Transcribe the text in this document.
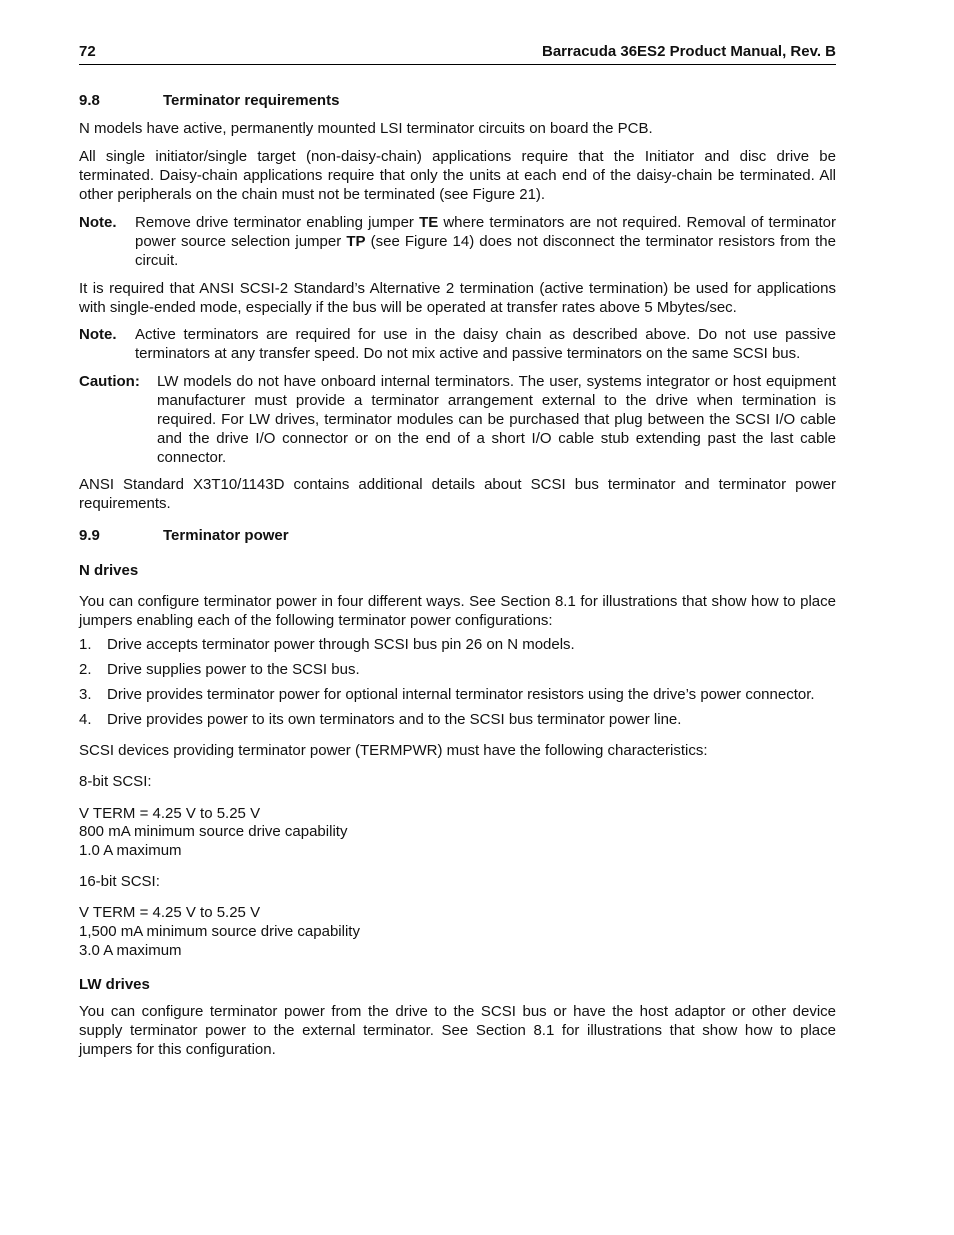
72	Barracuda 36ES2 Product Manual, Rev. B
9.8	Terminator requirements

N models have active, permanently mounted LSI terminator circuits on board the PCB.

All single initiator/single target (non-daisy-chain) applications require that the Initiator and disc drive be terminated. Daisy-chain applications require that only the units at each end of the daisy-chain be terminated. All other peripherals on the chain must not be terminated (see Figure 21).

Note. Remove drive terminator enabling jumper TE where terminators are not required. Removal of terminator power source selection jumper TP (see Figure 14) does not disconnect the terminator resistors from the circuit.

It is required that ANSI SCSI-2 Standard’s Alternative 2 termination (active termination) be used for applications with single-ended mode, especially if the bus will be operated at transfer rates above 5 Mbytes/sec.

Note. Active terminators are required for use in the daisy chain as described above. Do not use passive terminators at any transfer speed. Do not mix active and passive terminators on the same SCSI bus.
Caution: LW models do not have onboard internal terminators. The user, systems integrator or host equipment manufacturer must provide a terminator arrangement external to the drive when termination is required. For LW drives, terminator modules can be purchased that plug between the SCSI I/O cable and the drive I/O connector or on the end of a short I/O cable stub extending past the last cable connector.

ANSI Standard X3T10/1143D contains additional details about SCSI bus terminator and terminator power requirements.

9.9	Terminator power
N drives

You can configure terminator power in four different ways. See Section 8.1 for illustrations that show how to place jumpers enabling each of the following terminator power configurations:

1. Drive accepts terminator power through SCSI bus pin 26 on N models.
2. Drive supplies power to the SCSI bus.
3. Drive provides terminator power for optional internal terminator resistors using the drive’s power connector.
4. Drive provides power to its own terminators and to the SCSI bus terminator power line.

SCSI devices providing terminator power (TERMPWR) must have the following characteristics:

8-bit SCSI:
V TERM = 4.25 V to 5.25 V
800 mA minimum source drive capability
1.0 A maximum
16-bit SCSI:
V TERM = 4.25 V to 5.25 V
1,500 mA minimum source drive capability
3.0 A maximum
LW drives

You can configure terminator power from the drive to the SCSI bus or have the host adaptor or other device supply terminator power to the external terminator. See Section 8.1 for illustrations that show how to place jumpers for this configuration.
